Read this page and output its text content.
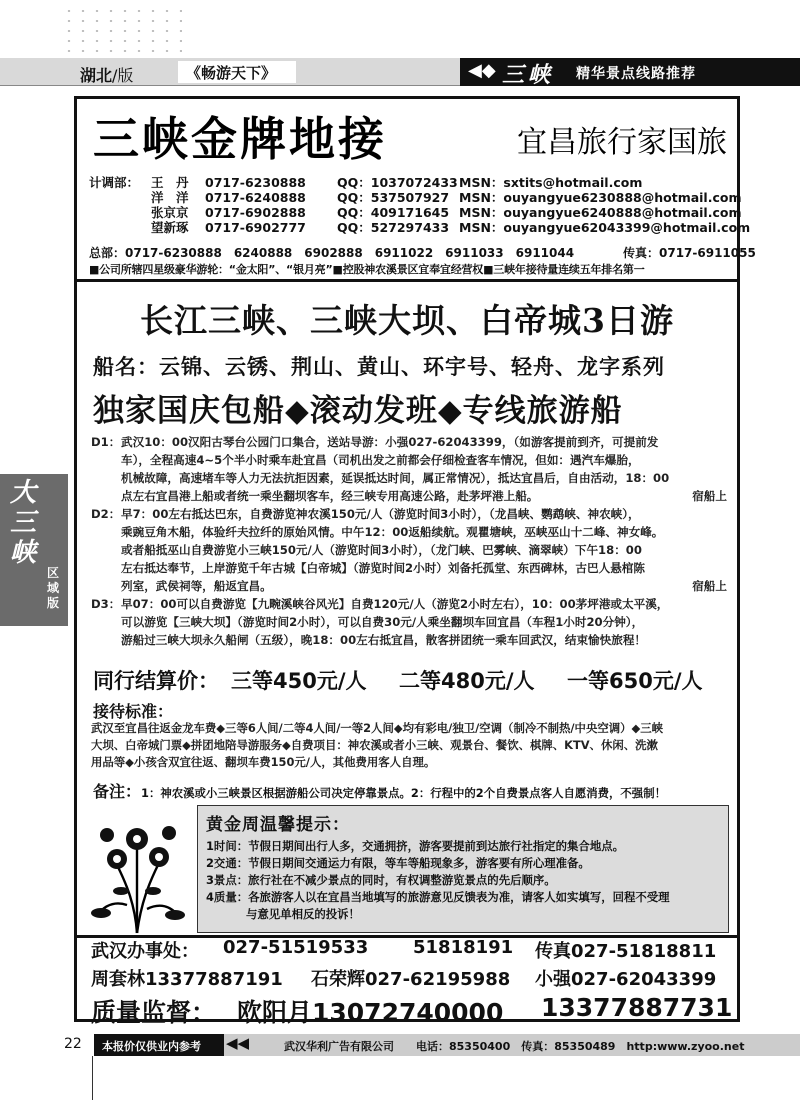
湖北/版	《畅游天下》	◀◆ 三峡 精华景点线路推荐
大三峡
区域版
三峡金牌地接	宜昌旅行家国旅
计调部： 王　丹 0717-6230888 QQ：1037072433 MSN：sxtits@hotmail.com
洋　洋 0717-6240888 QQ：537507927 MSN：ouyangyue6230888@hotmail.com
张京京 0717-6902888 QQ：409171645 MSN：ouyangyue6240888@hotmail.com
望新琢 0717-6902777 QQ：527297433 MSN：ouyangyue62043399@hotmail.com
总部：0717-6230888　6240888　6902888　6911022　6911033　6911044	传真：0717-6911055
■公司所辖四星级豪华游轮：“金太阳”、“银月亮”■控股神农溪景区宜奉宜经营权■三峡年接待量连续五年排名第一
长江三峡、三峡大坝、白帝城3日游
船名：云锦、云锈、荆山、黄山、环宇号、轻舟、龙字系列
独家国庆包船◆滚动发班◆专线旅游船

D1：武汉10：00汉阳古琴台公园门口集合，送站导游：小强027-62043399，（如游客提前到齐，可提前发

车），全程高速4~5个半小时乘车赴宜昌（司机出发之前都会仔细检查客车情况，但如：遇汽车爆胎，

机械故障，高速堵车等人力无法抗拒因素，延误抵达时间，属正常情况），抵达宜昌后，自由活动，18：00

点左右宜昌港上船或者统一乘坐翻坝客车，经三峡专用高速公路，赴茅坪港上船。	宿船上

D2：早7：00左右抵达巴东，自费游览神农溪150元/人（游览时间3小时），（龙昌峡、鹦鹉峡、神农峡），

乘豌豆角木船，体验纤夫拉纤的原始风情。中午12：00返船续航。观瞿塘峡，巫峡巫山十二峰、神女峰。

或者船抵巫山自费游览小三峡150元/人（游览时间3小时），（龙门峡、巴雾峡、滴翠峡）下午18：00

左右抵达奉节，上岸游览千年古城【白帝城】（游览时间2小时）刘备托孤堂、东西碑林，古巴人悬棺陈

列室，武侯祠等，船返宜昌。	宿船上

D3：早07：00可以自费游览【九畹溪峡谷风光】自费120元/人（游览2小时左右），10：00茅坪港或太平溪，

可以游览【三峡大坝】（游览时间2小时），可以自费30元/人乘坐翻坝车回宜昌（车程1小时20分钟），

游船过三峡大坝永久船闸（五级），晚18：00左右抵宜昌，散客拼团统一乘车回武汉，结束愉快旅程！

同行结算价： 三等450元/人 二等480元/人 一等650元/人
接待标准：
武汉至宜昌往返金龙车费◆三等6人间/二等4人间/一等2人间◆均有彩电/独卫/空调（制冷不制热/中央空调）◆三峡
大坝、白帝城门票◆拼团地陪导游服务◆自费项目：神农溪或者小三峡、观景台、餐饮、棋牌、KTV、休闲、洗漱
用品等◆小孩含双宜往返、翻坝车费150元/人，其他费用客人自理。
备注：1：神农溪或小三峡景区根据游船公司决定停靠景点。2：行程中的2个自费景点客人自愿消费，不强制！
黄金周温馨提示：

1时间：节假日期间出行人多，交通拥挤，游客要提前到达旅行社指定的集合地点。

2交通：节假日期间交通运力有限，等车等船现象多，游客要有所心理准备。

3景点：旅行社在不减少景点的同时，有权调整游览景点的先后顺序。

4质量：各旅游客人以在宜昌当地填写的旅游意见反馈表为准，请客人如实填写，回程不受理

与意见单相反的投诉！

武汉办事处： 027-51519533 51818191 传真027-51818811
周套林13377887191 石荣辉027-62195988 小强027-62043399
质量监督： 欧阳月13072740000 13377887731
22	本报价仅供业内参考	◀◀	武汉华利广告有限公司　　 电话：85350400　 传真：85350489　 http:www.zyoo.net
